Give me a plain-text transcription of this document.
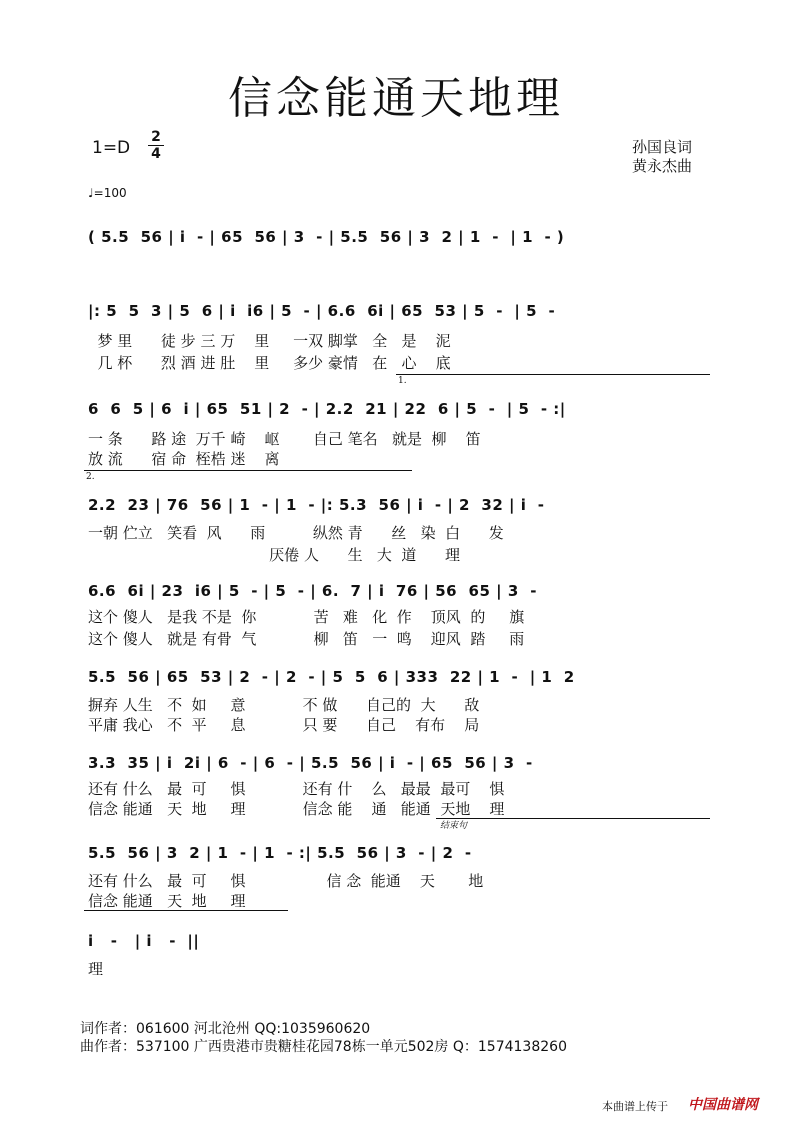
信念能通天地理
1=D
2
4
♩=100
孙国良词
黄永杰曲
( 5.5  56 | i  - | 65  56 | 3  - | 5.5  56 | 3  2 | 1  -  | 1  - )
|: 5  5  3 | 5  6 | i  i6 | 5  - | 6.6  6i | 65  53 | 5  -  | 5  -
梦 里      徒 步 三 万    里     一双 脚掌   全   是    泥
几 杯      烈 酒 进 肚    里     多少 豪情   在   心    底
1.
6  6  5 | 6  i | 65  51 | 2  - | 2.2  21 | 22  6 | 5  -  | 5  - :|
一 条      路 途  万千 崎    岖       自己 笔名   就是  柳    笛
放 流      宿 命  桎梏 迷    离
2.
2.2  23 | 76  56 | 1  - | 1  - |: 5.3  56 | i  - | 2  32 | i  -
一朝 伫立   笑看  风      雨          纵然 青      丝   染  白      发
厌倦 人      生   大  道      理
6.6  6i | 23  i6 | 5  - | 5  - | 6.  7 | i  76 | 56  65 | 3  -
这个 傻人   是我 不是  你            苦   难   化  作    顶风  的     旗
这个 傻人   就是 有骨  气            柳   笛   一  鸣    迎风  踏     雨
5.5  56 | 65  53 | 2  - | 2  - | 5  5  6 | 333  22 | 1  -  | 1  2
摒弃 人生   不  如     意            不 做      自己的  大      敌
平庸 我心   不  平     息            只 要      自己    有布    局
3.3  35 | i  2i | 6  - | 6  - | 5.5  56 | i  - | 65  56 | 3  -
还有 什么   最  可     惧            还有 什    么   最最  最可    惧
信念 能通   天  地     理            信念 能    通   能通  天地    理
结束句
5.5  56 | 3  2 | 1  - | 1  - :| 5.5  56 | 3  - | 2  -
还有 什么   最  可     惧                 信 念  能通    天       地
信念 能通   天  地     理
i   -   | i   -  ||
理
词作者：061600 河北沧州 QQ:1035960620
曲作者：537100 广西贵港市贵糖桂花园78栋一单元502房 Q：1574138260
本曲谱上传于 中国曲谱网
